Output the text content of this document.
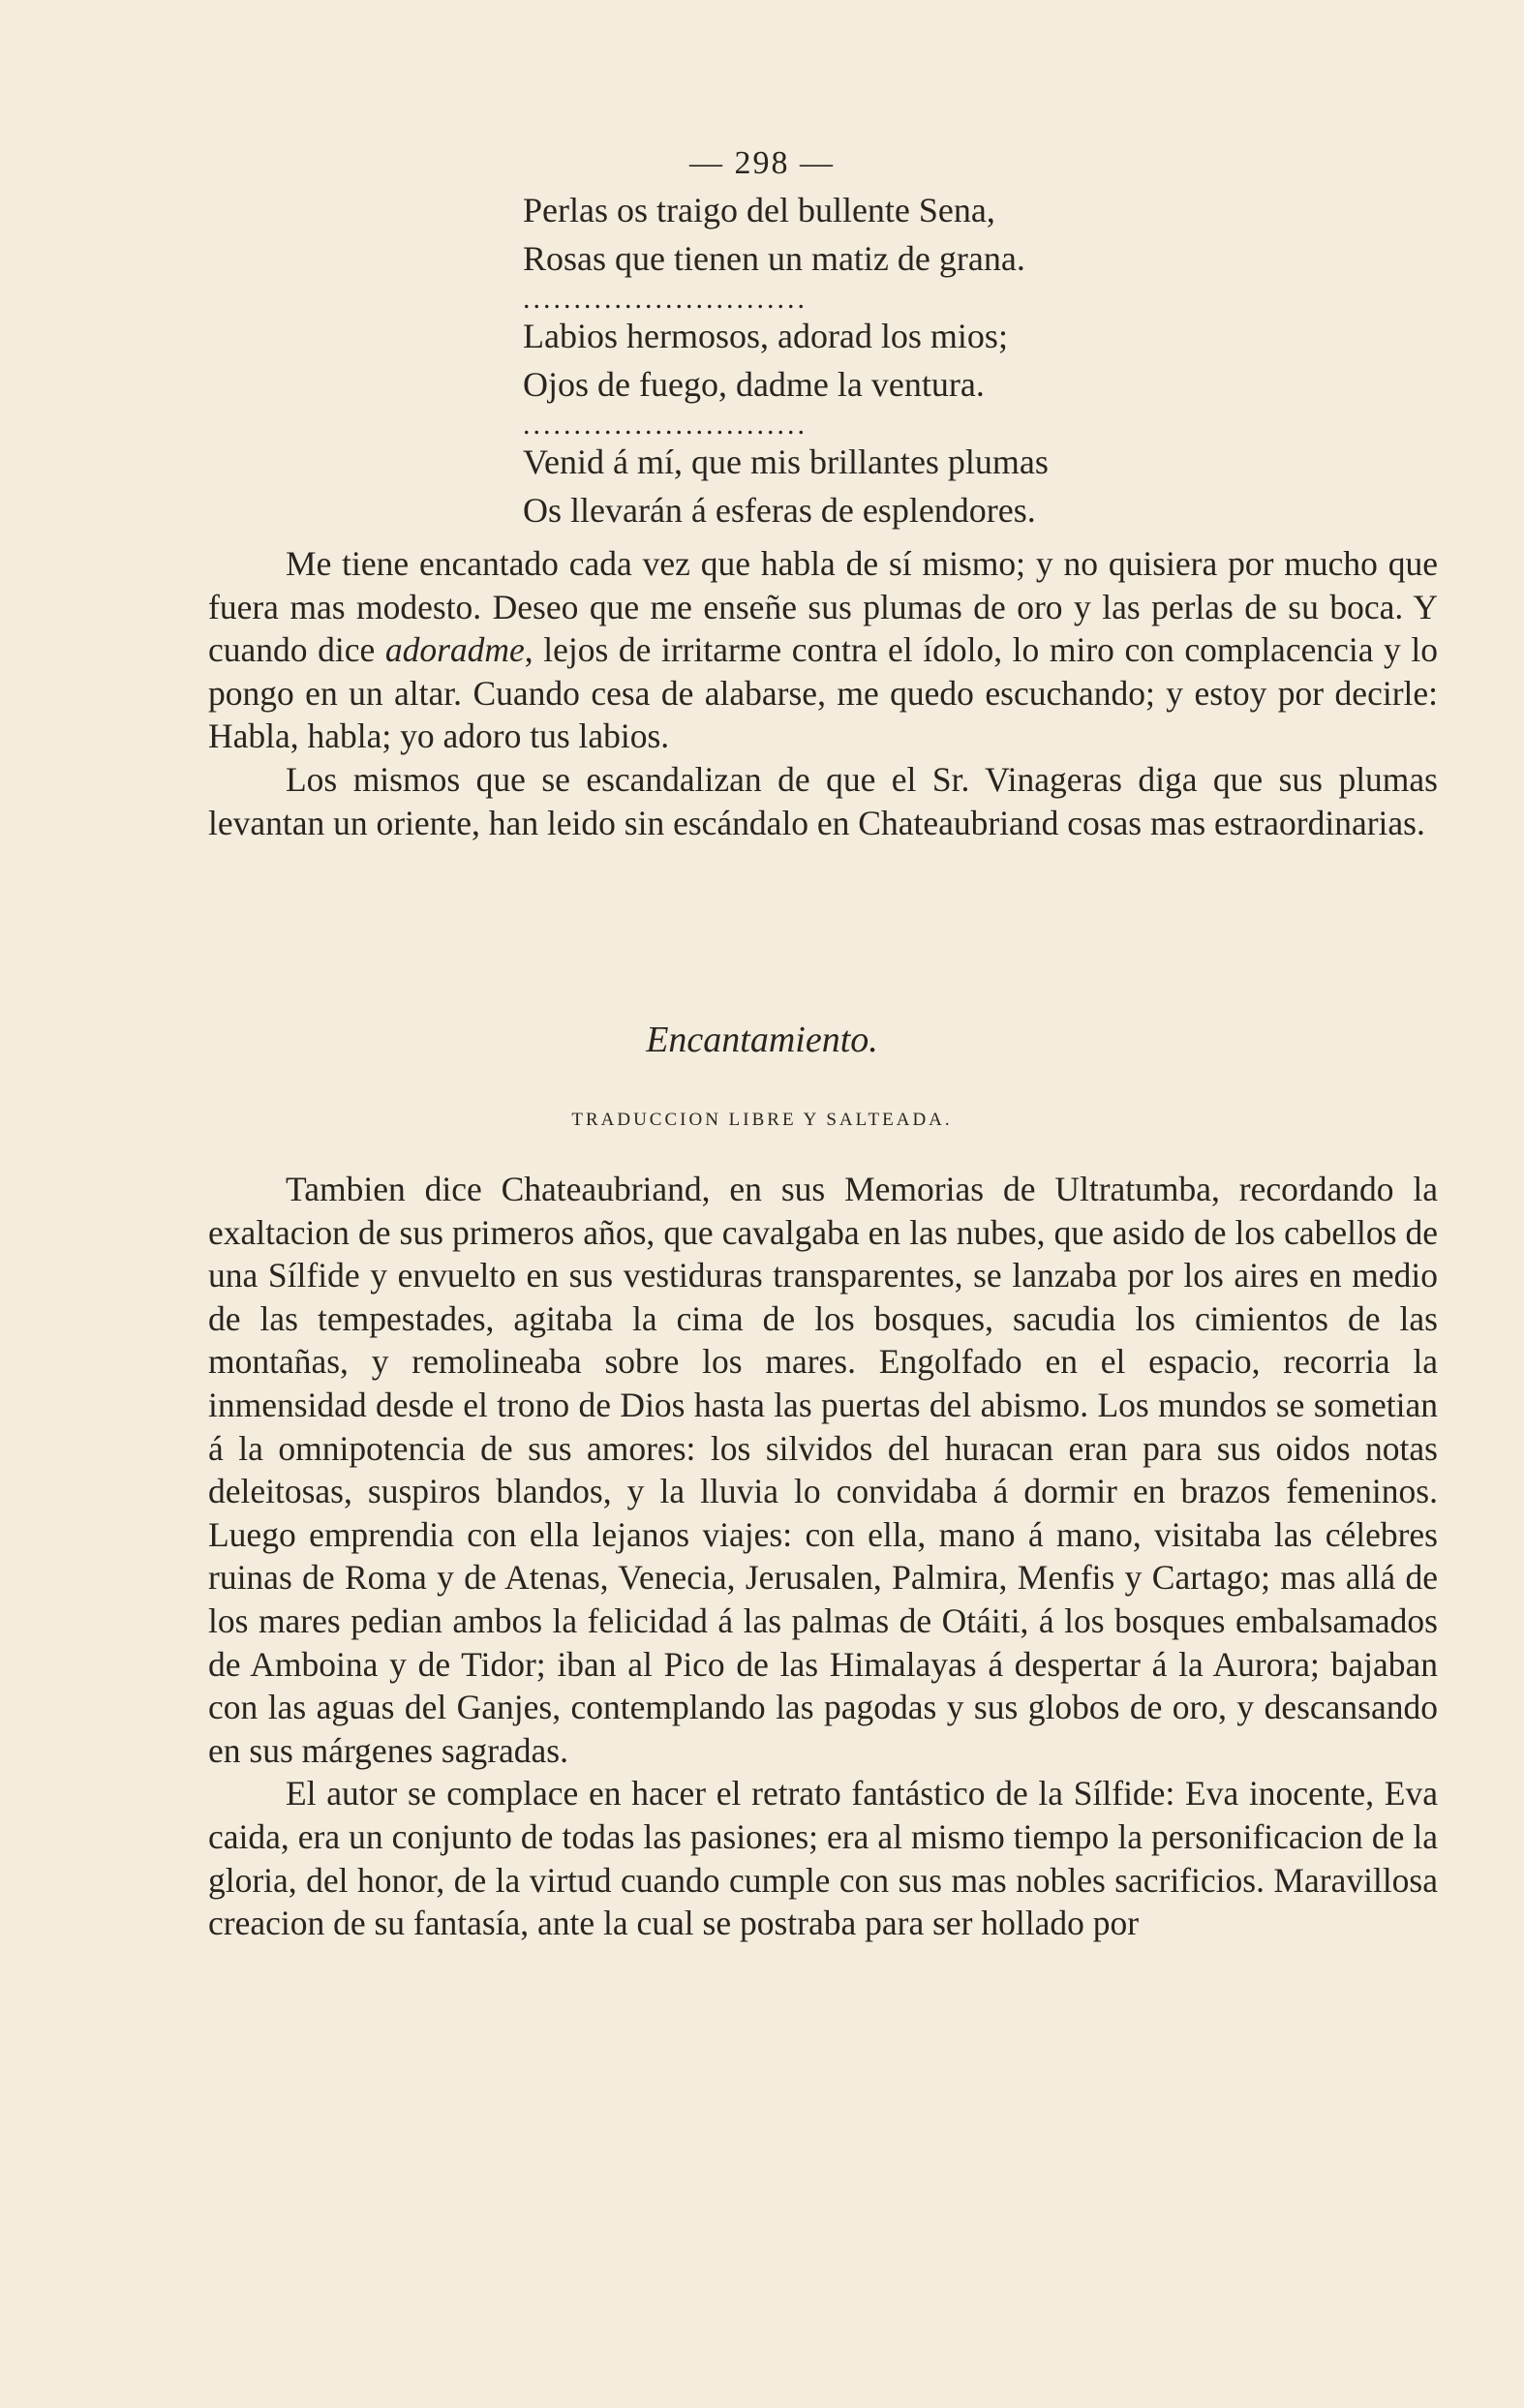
— 298 —
Perlas os traigo del bullente Sena,
Rosas que tienen un matiz de grana.
............................
Labios hermosos, adorad los mios;
Ojos de fuego, dadme la ventura.
............................
Venid á mí, que mis brillantes plumas
Os llevarán á esferas de esplendores.

Me tiene encantado cada vez que habla de sí mismo; y no quisiera por mucho que fuera mas modesto. Deseo que me enseñe sus plumas de oro y las perlas de su boca. Y cuando dice adoradme, lejos de irritarme contra el ídolo, lo miro con complacencia y lo pongo en un altar. Cuando cesa de alabarse, me quedo escuchando; y estoy por decirle: Habla, habla; yo adoro tus labios.

Los mismos que se escandalizan de que el Sr. Vinageras diga que sus plumas levantan un oriente, han leido sin escándalo en Chateaubriand cosas mas estraordinarias.

Encantamiento.
TRADUCCION LIBRE Y SALTEADA.

Tambien dice Chateaubriand, en sus Memorias de Ultratumba, recordando la exaltacion de sus primeros años, que cavalgaba en las nubes, que asido de los cabellos de una Sílfide y envuelto en sus vestiduras transparentes, se lanzaba por los aires en medio de las tempestades, agitaba la cima de los bosques, sacudia los cimientos de las montañas, y remolineaba sobre los mares. Engolfado en el espacio, recorria la inmensidad desde el trono de Dios hasta las puertas del abismo. Los mundos se sometian á la omnipotencia de sus amores: los silvidos del huracan eran para sus oidos notas deleitosas, suspiros blandos, y la lluvia lo convidaba á dormir en brazos femeninos. Luego emprendia con ella lejanos viajes: con ella, mano á mano, visitaba las célebres ruinas de Roma y de Atenas, Venecia, Jerusalen, Palmira, Menfis y Cartago; mas allá de los mares pedian ambos la felicidad á las palmas de Otáiti, á los bosques embalsamados de Amboina y de Tidor; iban al Pico de las Himalayas á despertar á la Aurora; bajaban con las aguas del Ganjes, contemplando las pagodas y sus globos de oro, y descansando en sus márgenes sagradas.

El autor se complace en hacer el retrato fantástico de la Sílfide: Eva inocente, Eva caida, era un conjunto de todas las pasiones; era al mismo tiempo la personificacion de la gloria, del honor, de la virtud cuando cumple con sus mas nobles sacrificios. Maravillosa creacion de su fantasía, ante la cual se postraba para ser hollado por
